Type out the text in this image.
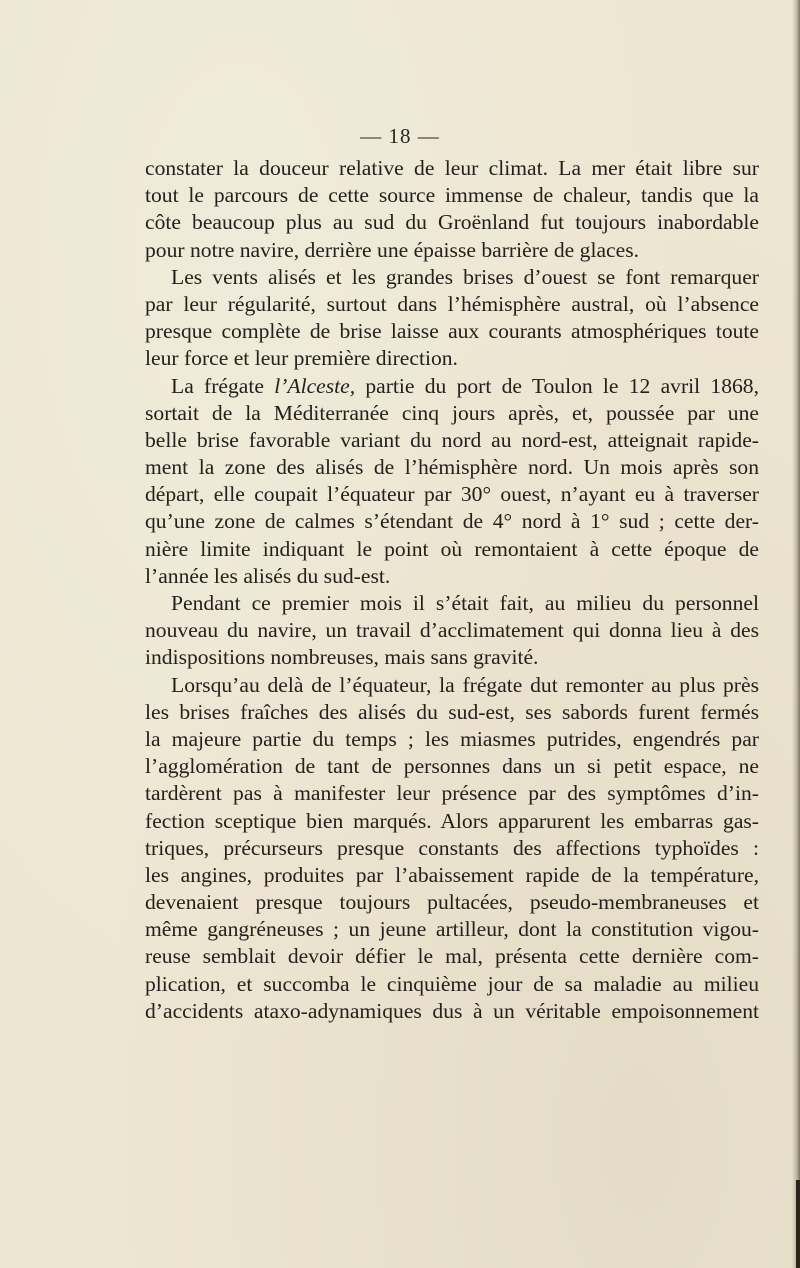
— 18 —
constater la douceur relative de leur climat. La mer était libre sur
tout le parcours de cette source immense de chaleur, tandis que la
côte beaucoup plus au sud du Groënland fut toujours inabordable
pour notre navire, derrière une épaisse barrière de glaces.
Les vents alisés et les grandes brises d’ouest se font remarquer
par leur régularité, surtout dans l’hémisphère austral, où l’absence
presque complète de brise laisse aux courants atmosphériques toute
leur force et leur première direction.
La frégate l’Alceste, partie du port de Toulon le 12 avril 1868,
sortait de la Méditerranée cinq jours après, et, poussée par une
belle brise favorable variant du nord au nord-est, atteignait rapide-
ment la zone des alisés de l’hémisphère nord. Un mois après son
départ, elle coupait l’équateur par 30° ouest, n’ayant eu à traverser
qu’une zone de calmes s’étendant de 4° nord à 1° sud ; cette der-
nière limite indiquant le point où remontaient à cette époque de
l’année les alisés du sud-est.
Pendant ce premier mois il s’était fait, au milieu du personnel
nouveau du navire, un travail d’acclimatement qui donna lieu à des
indispositions nombreuses, mais sans gravité.
Lorsqu’au delà de l’équateur, la frégate dut remonter au plus près
les brises fraîches des alisés du sud-est, ses sabords furent fermés
la majeure partie du temps ; les miasmes putrides, engendrés par
l’agglomération de tant de personnes dans un si petit espace, ne
tardèrent pas à manifester leur présence par des symptômes d’in-
fection sceptique bien marqués. Alors apparurent les embarras gas-
triques, précurseurs presque constants des affections typhoïdes :
les angines, produites par l’abaissement rapide de la température,
devenaient presque toujours pultacées, pseudo-membraneuses et
même gangréneuses ; un jeune artilleur, dont la constitution vigou-
reuse semblait devoir défier le mal, présenta cette dernière com-
plication, et succomba le cinquième jour de sa maladie au milieu
d’accidents ataxo-adynamiques dus à un véritable empoisonnement
